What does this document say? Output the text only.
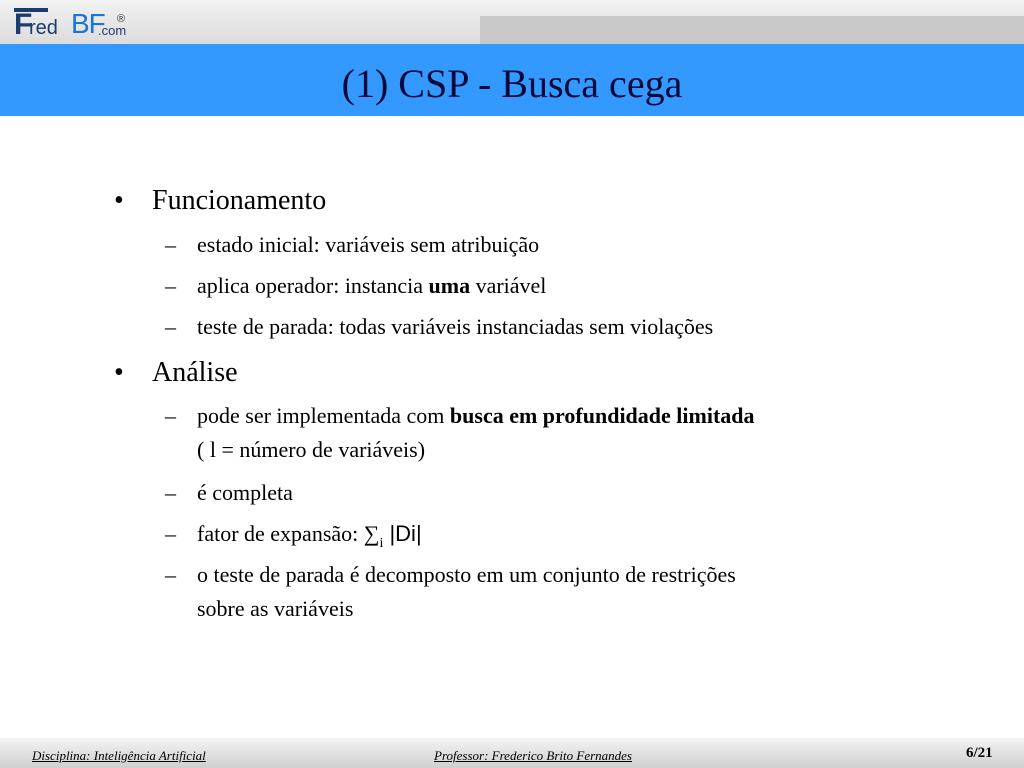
F
red BF
.com
®
(1) CSP - Busca cega
• Funcionamento
– estado inicial: variáveis sem atribuição
– aplica operador: instancia uma variável
– teste de parada: todas variáveis instanciadas sem violações
• Análise
– pode ser implementada com busca em profundidade limitada
( l = número de variáveis)
– é completa
– fator de expansão: $\sum_i$ |Di|
– o teste de parada é decomposto em um conjunto de restrições
sobre as variáveis
Disciplina: Inteligência Artificial	Professor: Frederico Brito Fernandes	6/21
